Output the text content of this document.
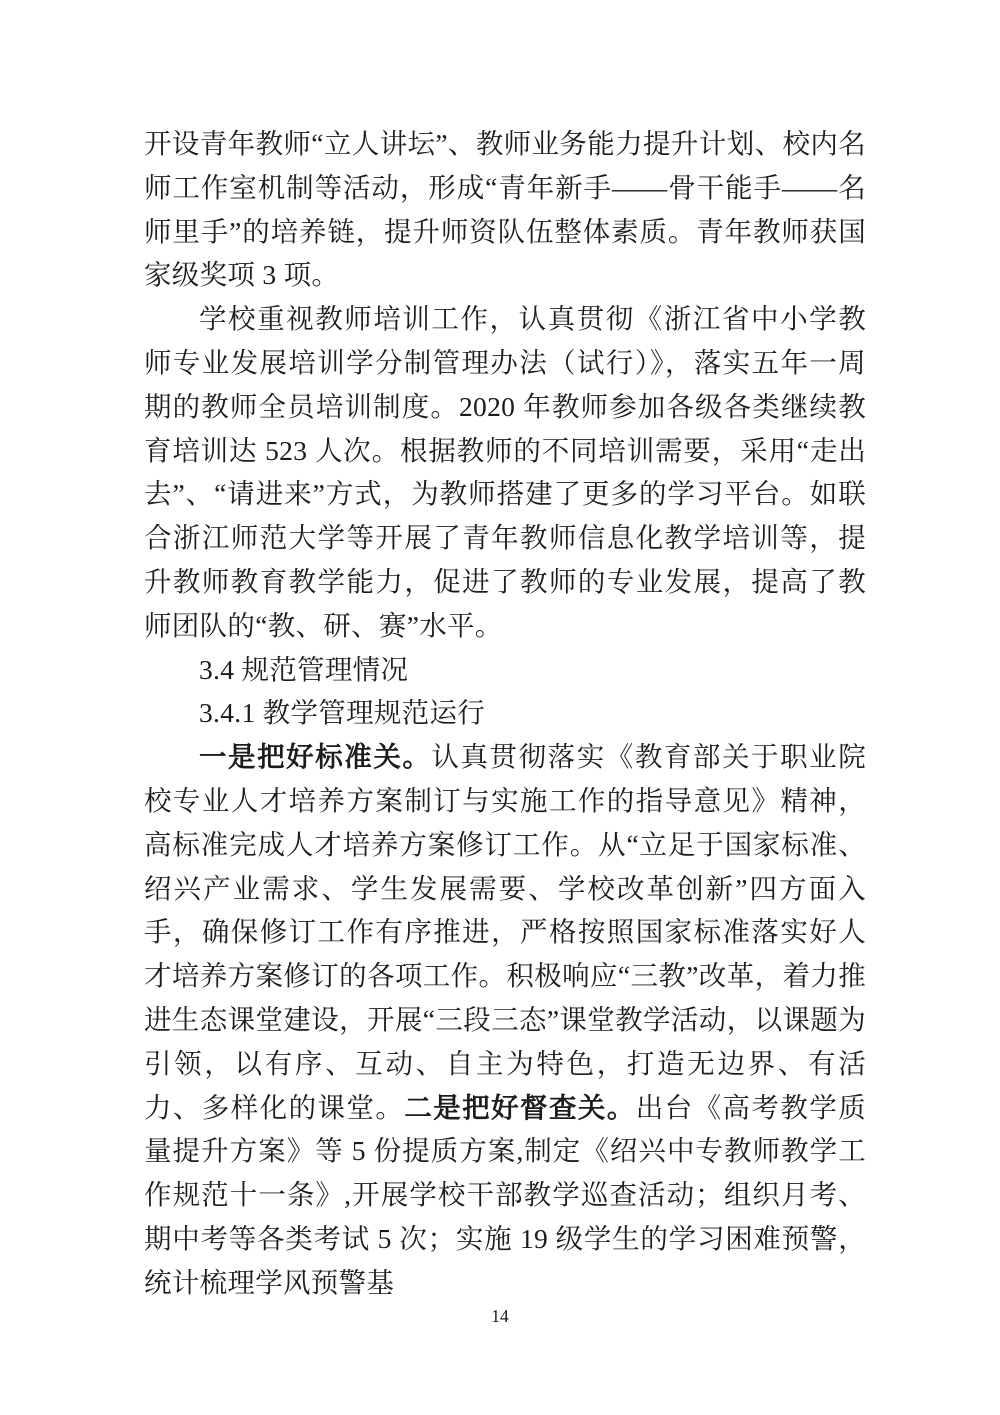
开设青年教师“立人讲坛”、教师业务能力提升计划、校内名师工作室机制等活动，形成“青年新手——骨干能手——名师里手”的培养链，提升师资队伍整体素质。青年教师获国家级奖项 3 项。

学校重视教师培训工作，认真贯彻《浙江省中小学教师专业发展培训学分制管理办法（试行）》，落实五年一周期的教师全员培训制度。2020 年教师参加各级各类继续教育培训达 523 人次。根据教师的不同培训需要，采用“走出去”、“请进来”方式，为教师搭建了更多的学习平台。如联合浙江师范大学等开展了青年教师信息化教学培训等，提升教师教育教学能力，促进了教师的专业发展，提高了教师团队的“教、研、赛”水平。

3.4 规范管理情况

3.4.1 教学管理规范运行

一是把好标准关。认真贯彻落实《教育部关于职业院校专业人才培养方案制订与实施工作的指导意见》精神，高标准完成人才培养方案修订工作。从“立足于国家标准、绍兴产业需求、学生发展需要、学校改革创新”四方面入手，确保修订工作有序推进，严格按照国家标准落实好人才培养方案修订的各项工作。积极响应“三教”改革，着力推进生态课堂建设，开展“三段三态”课堂教学活动，以课题为引领，以有序、互动、自主为特色，打造无边界、有活力、多样化的课堂。二是把好督查关。出台《高考教学质量提升方案》等 5 份提质方案,制定《绍兴中专教师教学工作规范十一条》,开展学校干部教学巡查活动；组织月考、期中考等各类考试 5 次；实施 19 级学生的学习困难预警，统计梳理学风预警基

14
